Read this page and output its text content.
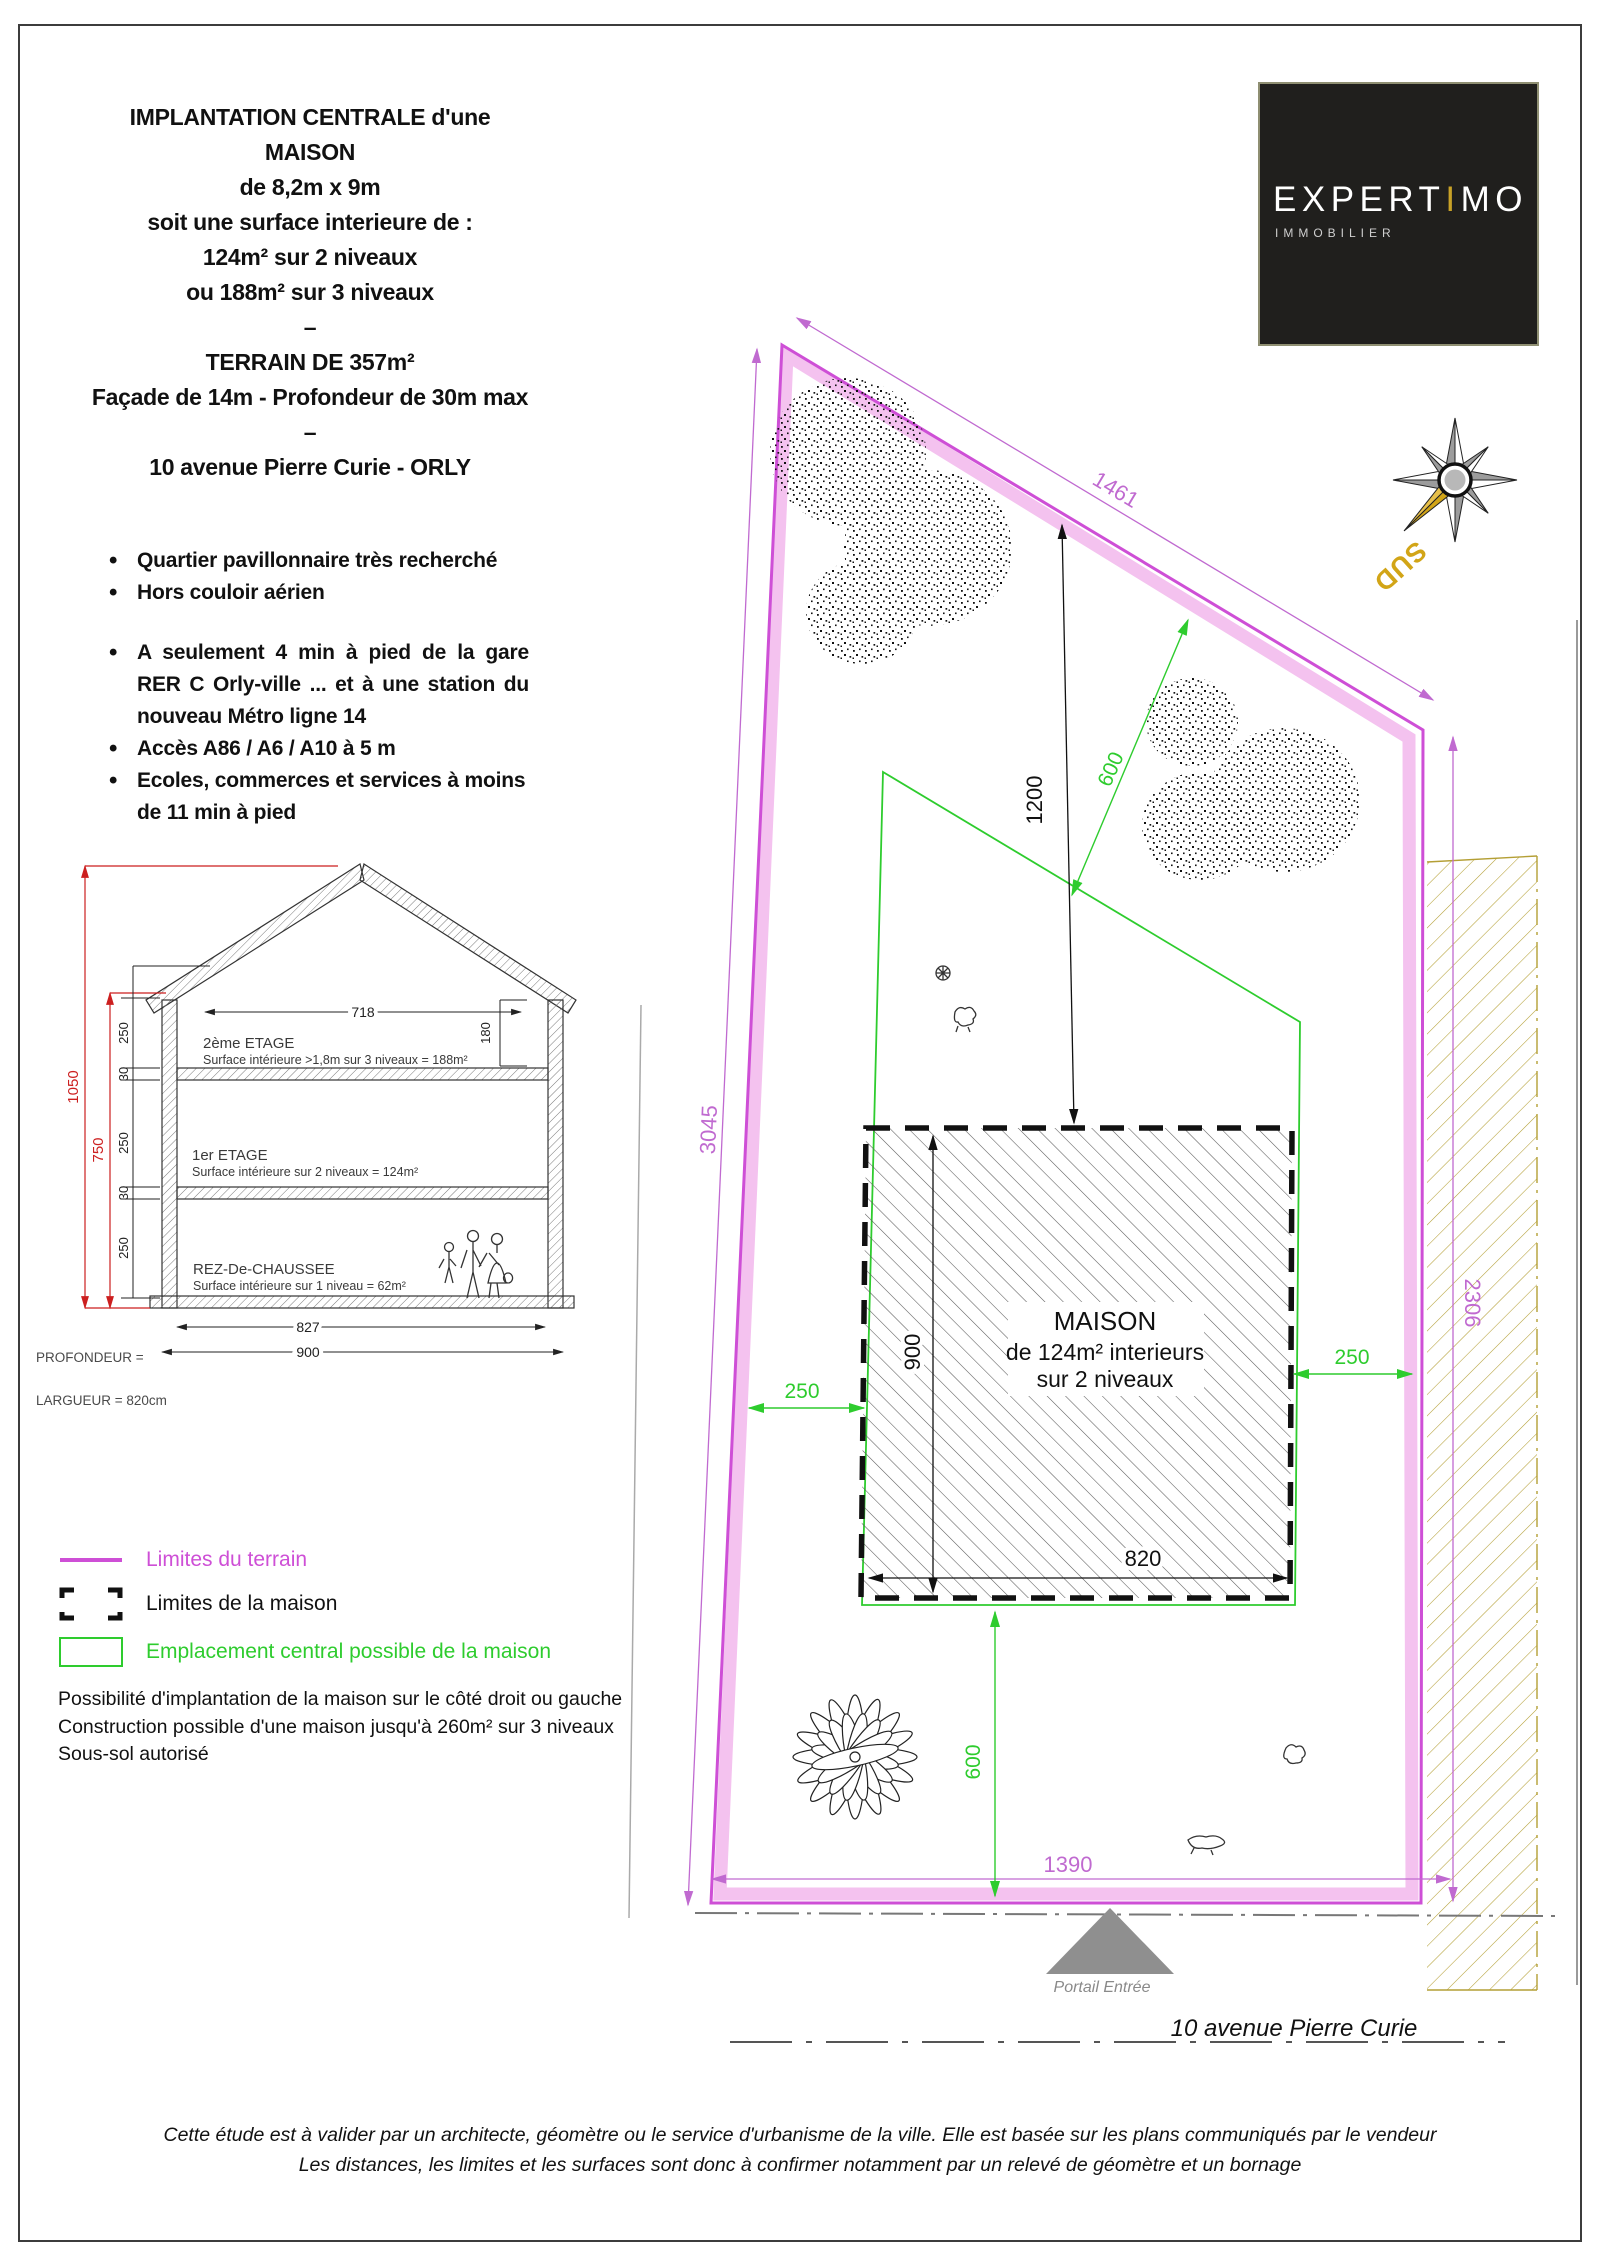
IMPLANTATION CENTRALE d'une MAISON
de 8,2m x 9m
soit une surface interieure de :
124m² sur 2 niveaux
ou 188m² sur 3 niveaux
–
TERRAIN DE 357m²
Façade de 14m - Profondeur de 30m max
–
10 avenue Pierre Curie - ORLY
EXPERTIMO
IMMOBILIER
• Quartier pavillonnaire très recherché
• Hors couloir aérien
• A seulement 4 min à pied de la gare RER C Orly-ville ... et à une station du nouveau Métro ligne 14
• Accès A86 / A6 / A10 à 5 m
• Ecoles, commerces et services à moins de 11 min à pied
1050
750
250
30
250
30
250
718
180
2ème ETAGE
Surface intérieure >1,8m sur 3 niveaux = 188m²
1er ETAGE
Surface intérieure sur 2 niveaux = 124m²
REZ-De-CHAUSSEE
Surface intérieure sur 1 niveau = 62m²
827
900
PROFONDEUR =
LARGUEUR = 820cm
MAISON
de 124m² interieurs
sur 2 niveaux
1461
3045
2306
1390
1200
900
820
600
250
250
600
Portail Entrée
10 avenue Pierre Curie
SUD
Limites du terrain
Limites de la maison
Emplacement central possible de la maison
Possibilité d'implantation de la maison sur le côté droit ou gauche
Construction possible d'une maison jusqu'à 260m² sur 3 niveaux
Sous-sol autorisé
Cette étude est à valider par un architecte, géomètre ou le service d'urbanisme de la ville. Elle est basée sur les plans communiqués par le vendeur
Les distances, les limites et les surfaces sont donc à confirmer notamment par un relevé de géomètre et un bornage
